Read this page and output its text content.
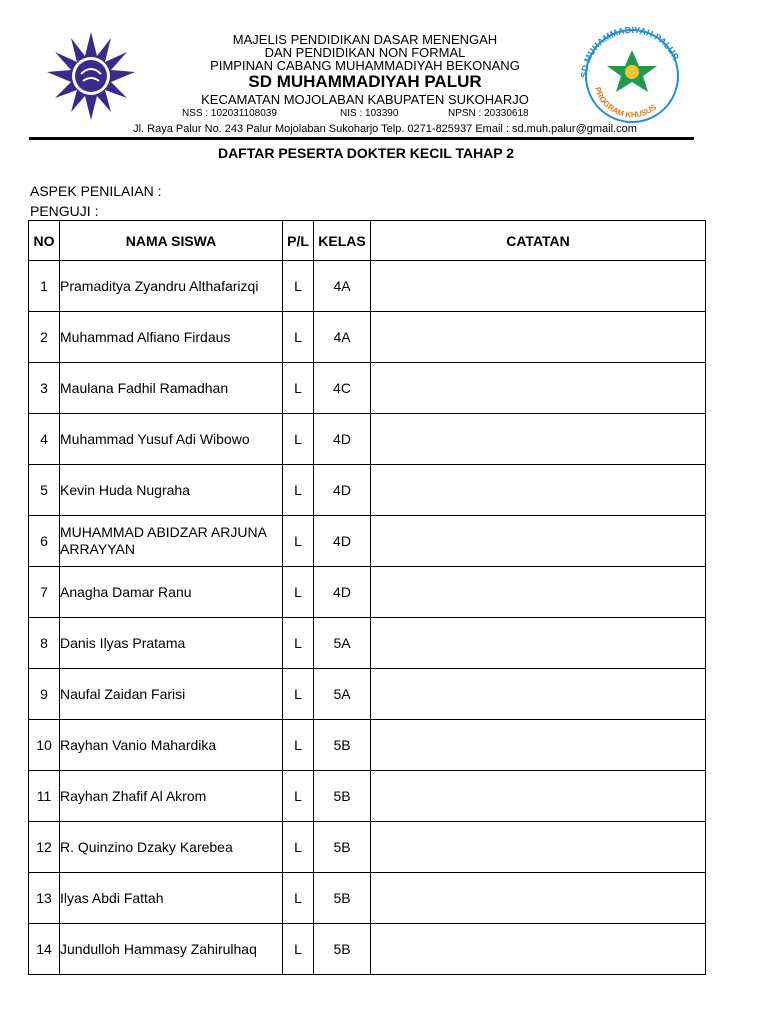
MAJELIS PENDIDIKAN DASAR MENENGAH
DAN PENDIDIKAN NON FORMAL
PIMPINAN CABANG MUHAMMADIYAH BEKONANG
SD MUHAMMADIYAH PALUR
KECAMATAN MOJOLABAN KABUPATEN SUKOHARJO
NSS : 102031108039	NIS : 103390	NPSN : 20330618
SD MUHAMMADIYAH PALUR
PROGRAM KHUSUS
Jl. Raya Palur No. 243 Palur Mojolaban Sukoharjo Telp. 0271-825937 Email : sd.muh.palur@gmail.com
DAFTAR PESERTA DOKTER KECIL TAHAP 2
ASPEK PENILAIAN :
PENGUJI :
NO	NAMA SISWA	P/L	KELAS	CATATAN
1	Pramaditya Zyandru Althafarizqi	L	4A	
2	Muhammad Alfiano Firdaus	L	4A	
3	Maulana Fadhil Ramadhan	L	4C	
4	Muhammad Yusuf Adi Wibowo	L	4D	
5	Kevin Huda Nugraha	L	4D	
6	MUHAMMAD ABIDZAR ARJUNA ARRAYYAN	L	4D	
7	Anagha Damar Ranu	L	4D	
8	Danis Ilyas Pratama	L	5A	
9	Naufal Zaidan Farisi	L	5A	
10	Rayhan Vanio Mahardika	L	5B	
11	Rayhan Zhafif Al Akrom	L	5B	
12	R. Quinzino Dzaky Karebea	L	5B	
13	Ilyas Abdi Fattah	L	5B	
14	Jundulloh Hammasy Zahirulhaq	L	5B	
